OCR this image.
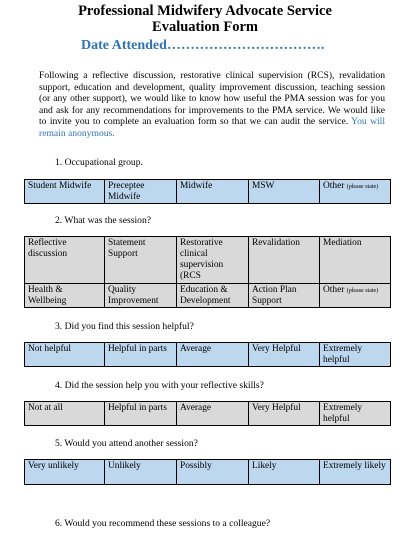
Professional Midwifery Advocate Service
Evaluation Form
Date Attended…………………………….
Following a reflective discussion, restorative clinical supervision (RCS), revalidation support, education and development, quality improvement discussion, teaching session (or any other support), we would like to know how useful the PMA session was for you and ask for any recommendations for improvements to the PMA service. We would like to invite you to complete an evaluation form so that we can audit the service. You will remain anonymous.
1. Occupational group.
Student Midwife	Preceptee Midwife	Midwife	MSW	Other (please state)
2. What was the session?
Reflective discussion	Statement Support	Restorative clinical supervision (RCS	Revalidation	Mediation
Health & Wellbeing	Quality Improvement	Education & Development	Action Plan Support	Other (please state)
3. Did you find this session helpful?
Not helpful	Helpful in parts	Average	Very Helpful	Extremely helpful
4. Did the session help you with your reflective skills?
Not at all	Helpful in parts	Average	Very Helpful	Extremely helpful
5. Would you attend another session?
Very unlikely	Unlikely	Possibly	Likely	Extremely likely
6. Would you recommend these sessions to a colleague?
